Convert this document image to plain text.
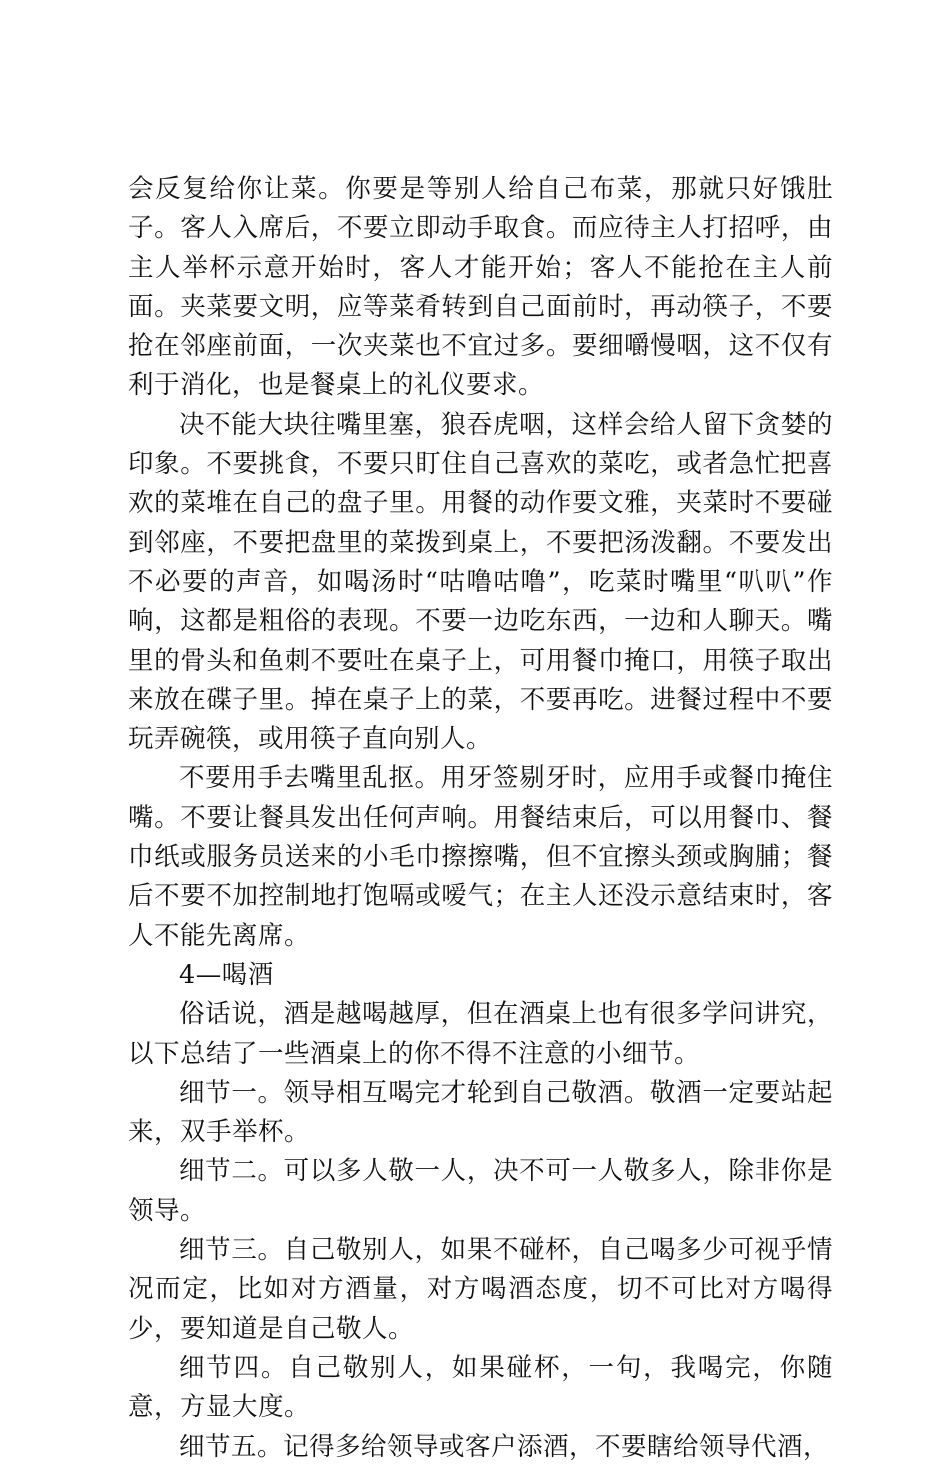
会反复给你让菜。你要是等别人给自己布菜，那就只好饿肚子。客人入席后，不要立即动手取食。而应待主人打招呼，由主人举杯示意开始时，客人才能开始；客人不能抢在主人前面。夹菜要文明，应等菜肴转到自己面前时，再动筷子，不要抢在邻座前面，一次夹菜也不宜过多。要细嚼慢咽，这不仅有利于消化，也是餐桌上的礼仪要求。

决不能大块往嘴里塞，狼吞虎咽，这样会给人留下贪婪的印象。不要挑食，不要只盯住自己喜欢的菜吃，或者急忙把喜欢的菜堆在自己的盘子里。用餐的动作要文雅，夹菜时不要碰到邻座，不要把盘里的菜拨到桌上，不要把汤泼翻。不要发出不必要的声音，如喝汤时“咕噜咕噜”，吃菜时嘴里“叭叭”作响，这都是粗俗的表现。不要一边吃东西，一边和人聊天。嘴里的骨头和鱼刺不要吐在桌子上，可用餐巾掩口，用筷子取出来放在碟子里。掉在桌子上的菜，不要再吃。进餐过程中不要玩弄碗筷，或用筷子直向别人。

不要用手去嘴里乱抠。用牙签剔牙时，应用手或餐巾掩住嘴。不要让餐具发出任何声响。用餐结束后，可以用餐巾、餐巾纸或服务员送来的小毛巾擦擦嘴，但不宜擦头颈或胸脯；餐后不要不加控制地打饱嗝或嗳气；在主人还没示意结束时，客人不能先离席。

4—喝酒

俗话说，酒是越喝越厚，但在酒桌上也有很多学问讲究，以下总结了一些酒桌上的你不得不注意的小细节。

细节一。领导相互喝完才轮到自己敬酒。敬酒一定要站起来，双手举杯。

细节二。可以多人敬一人，决不可一人敬多人，除非你是领导。

细节三。自己敬别人，如果不碰杯，自己喝多少可视乎情况而定，比如对方酒量，对方喝酒态度，切不可比对方喝得少，要知道是自己敬人。

细节四。自己敬别人，如果碰杯，一句，我喝完，你随意，方显大度。

细节五。记得多给领导或客户添酒，不要瞎给领导代酒，
